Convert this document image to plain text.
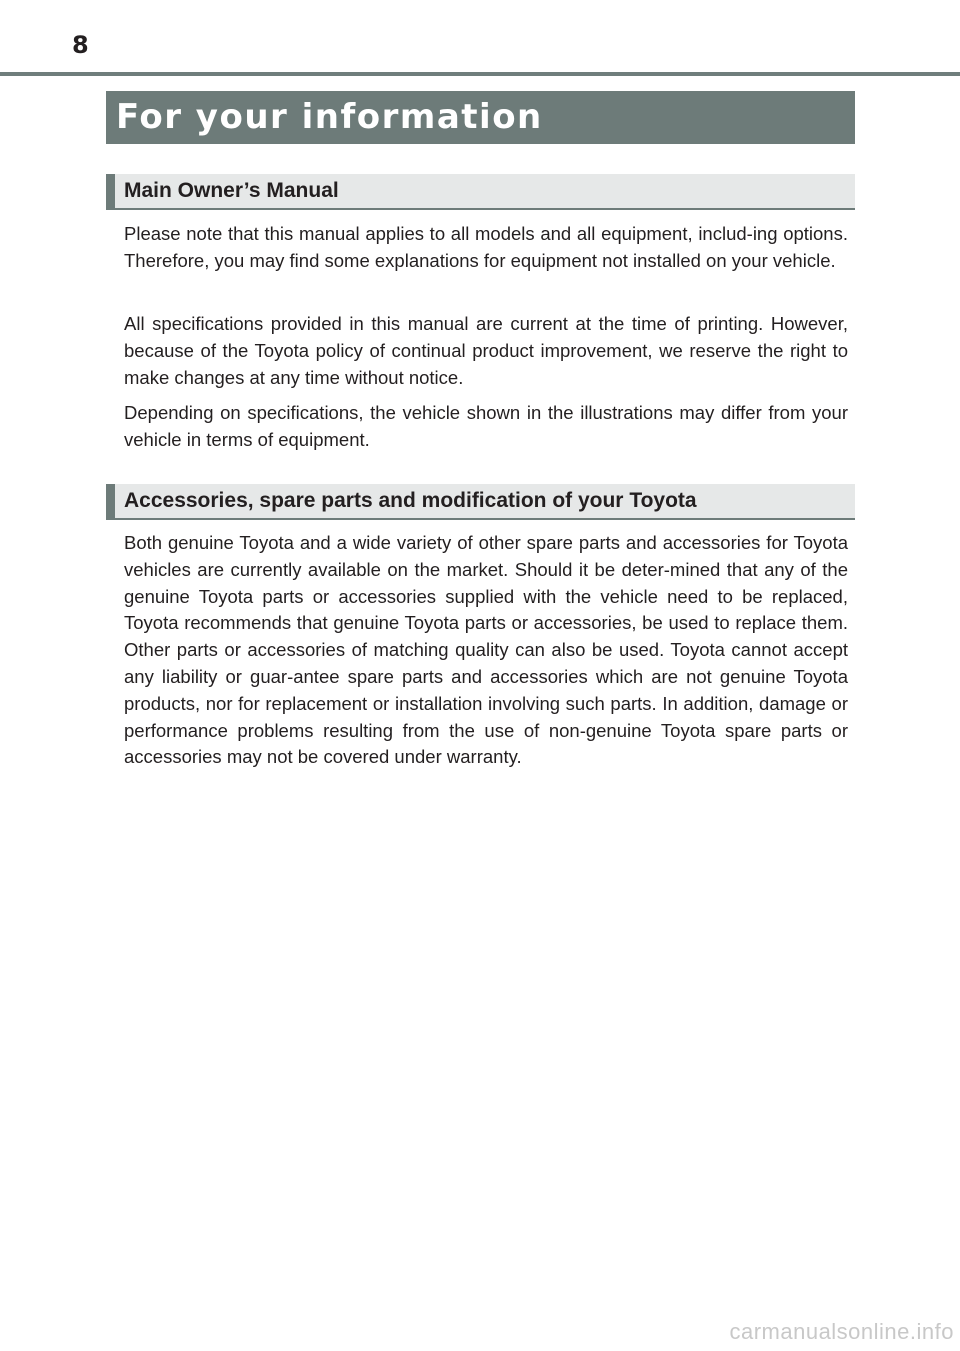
8
For your information
Main Owner’s Manual

Please note that this manual applies to all models and all equipment, includ-ing options. Therefore, you may find some explanations for equipment not installed on your vehicle.

All specifications provided in this manual are current at the time of printing. However, because of the Toyota policy of continual product improvement, we reserve the right to make changes at any time without notice.

Depending on specifications, the vehicle shown in the illustrations may differ from your vehicle in terms of equipment.

Accessories, spare parts and modification of your Toyota

Both genuine Toyota and a wide variety of other spare parts and accessories for Toyota vehicles are currently available on the market. Should it be deter-mined that any of the genuine Toyota parts or accessories supplied with the vehicle need to be replaced, Toyota recommends that genuine Toyota parts or accessories, be used to replace them. Other parts or accessories of matching quality can also be used. Toyota cannot accept any liability or guar-antee spare parts and accessories which are not genuine Toyota products, nor for replacement or installation involving such parts. In addition, damage or performance problems resulting from the use of non-genuine Toyota spare parts or accessories may not be covered under warranty.

carmanualsonline.info
